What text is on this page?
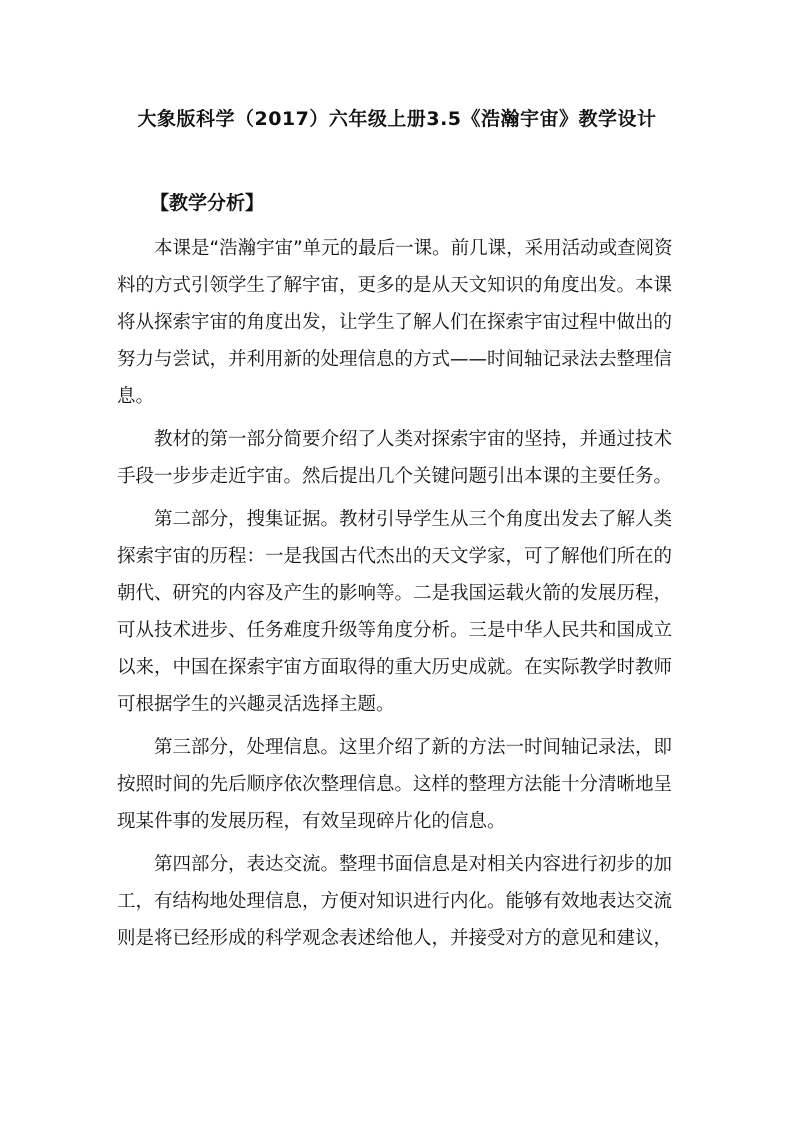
大象版科学（2017）六年级上册3.5《浩瀚宇宙》教学设计
【教学分析】

本课是“浩瀚宇宙”单元的最后一课。前几课，采用活动或查阅资料的方式引领学生了解宇宙，更多的是从天文知识的角度出发。本课将从探索宇宙的角度出发，让学生了解人们在探索宇宙过程中做出的努力与尝试，并利用新的处理信息的方式——时间轴记录法去整理信息。

教材的第一部分简要介绍了人类对探索宇宙的坚持，并通过技术手段一步步走近宇宙。然后提出几个关键问题引出本课的主要任务。

第二部分，搜集证据。教材引导学生从三个角度出发去了解人类探索宇宙的历程：一是我国古代杰出的天文学家，可了解他们所在的朝代、研究的内容及产生的影响等。二是我国运载火箭的发展历程，可从技术进步、任务难度升级等角度分析。三是中华人民共和国成立以来，中国在探索宇宙方面取得的重大历史成就。在实际教学时教师可根据学生的兴趣灵活选择主题。

第三部分，处理信息。这里介绍了新的方法一时间轴记录法，即按照时间的先后顺序依次整理信息。这样的整理方法能十分清晰地呈现某件事的发展历程，有效呈现碎片化的信息。

第四部分，表达交流。整理书面信息是对相关内容进行初步的加工，有结构地处理信息，方便对知识进行内化。能够有效地表达交流则是将已经形成的科学观念表述给他人，并接受对方的意见和建议，
